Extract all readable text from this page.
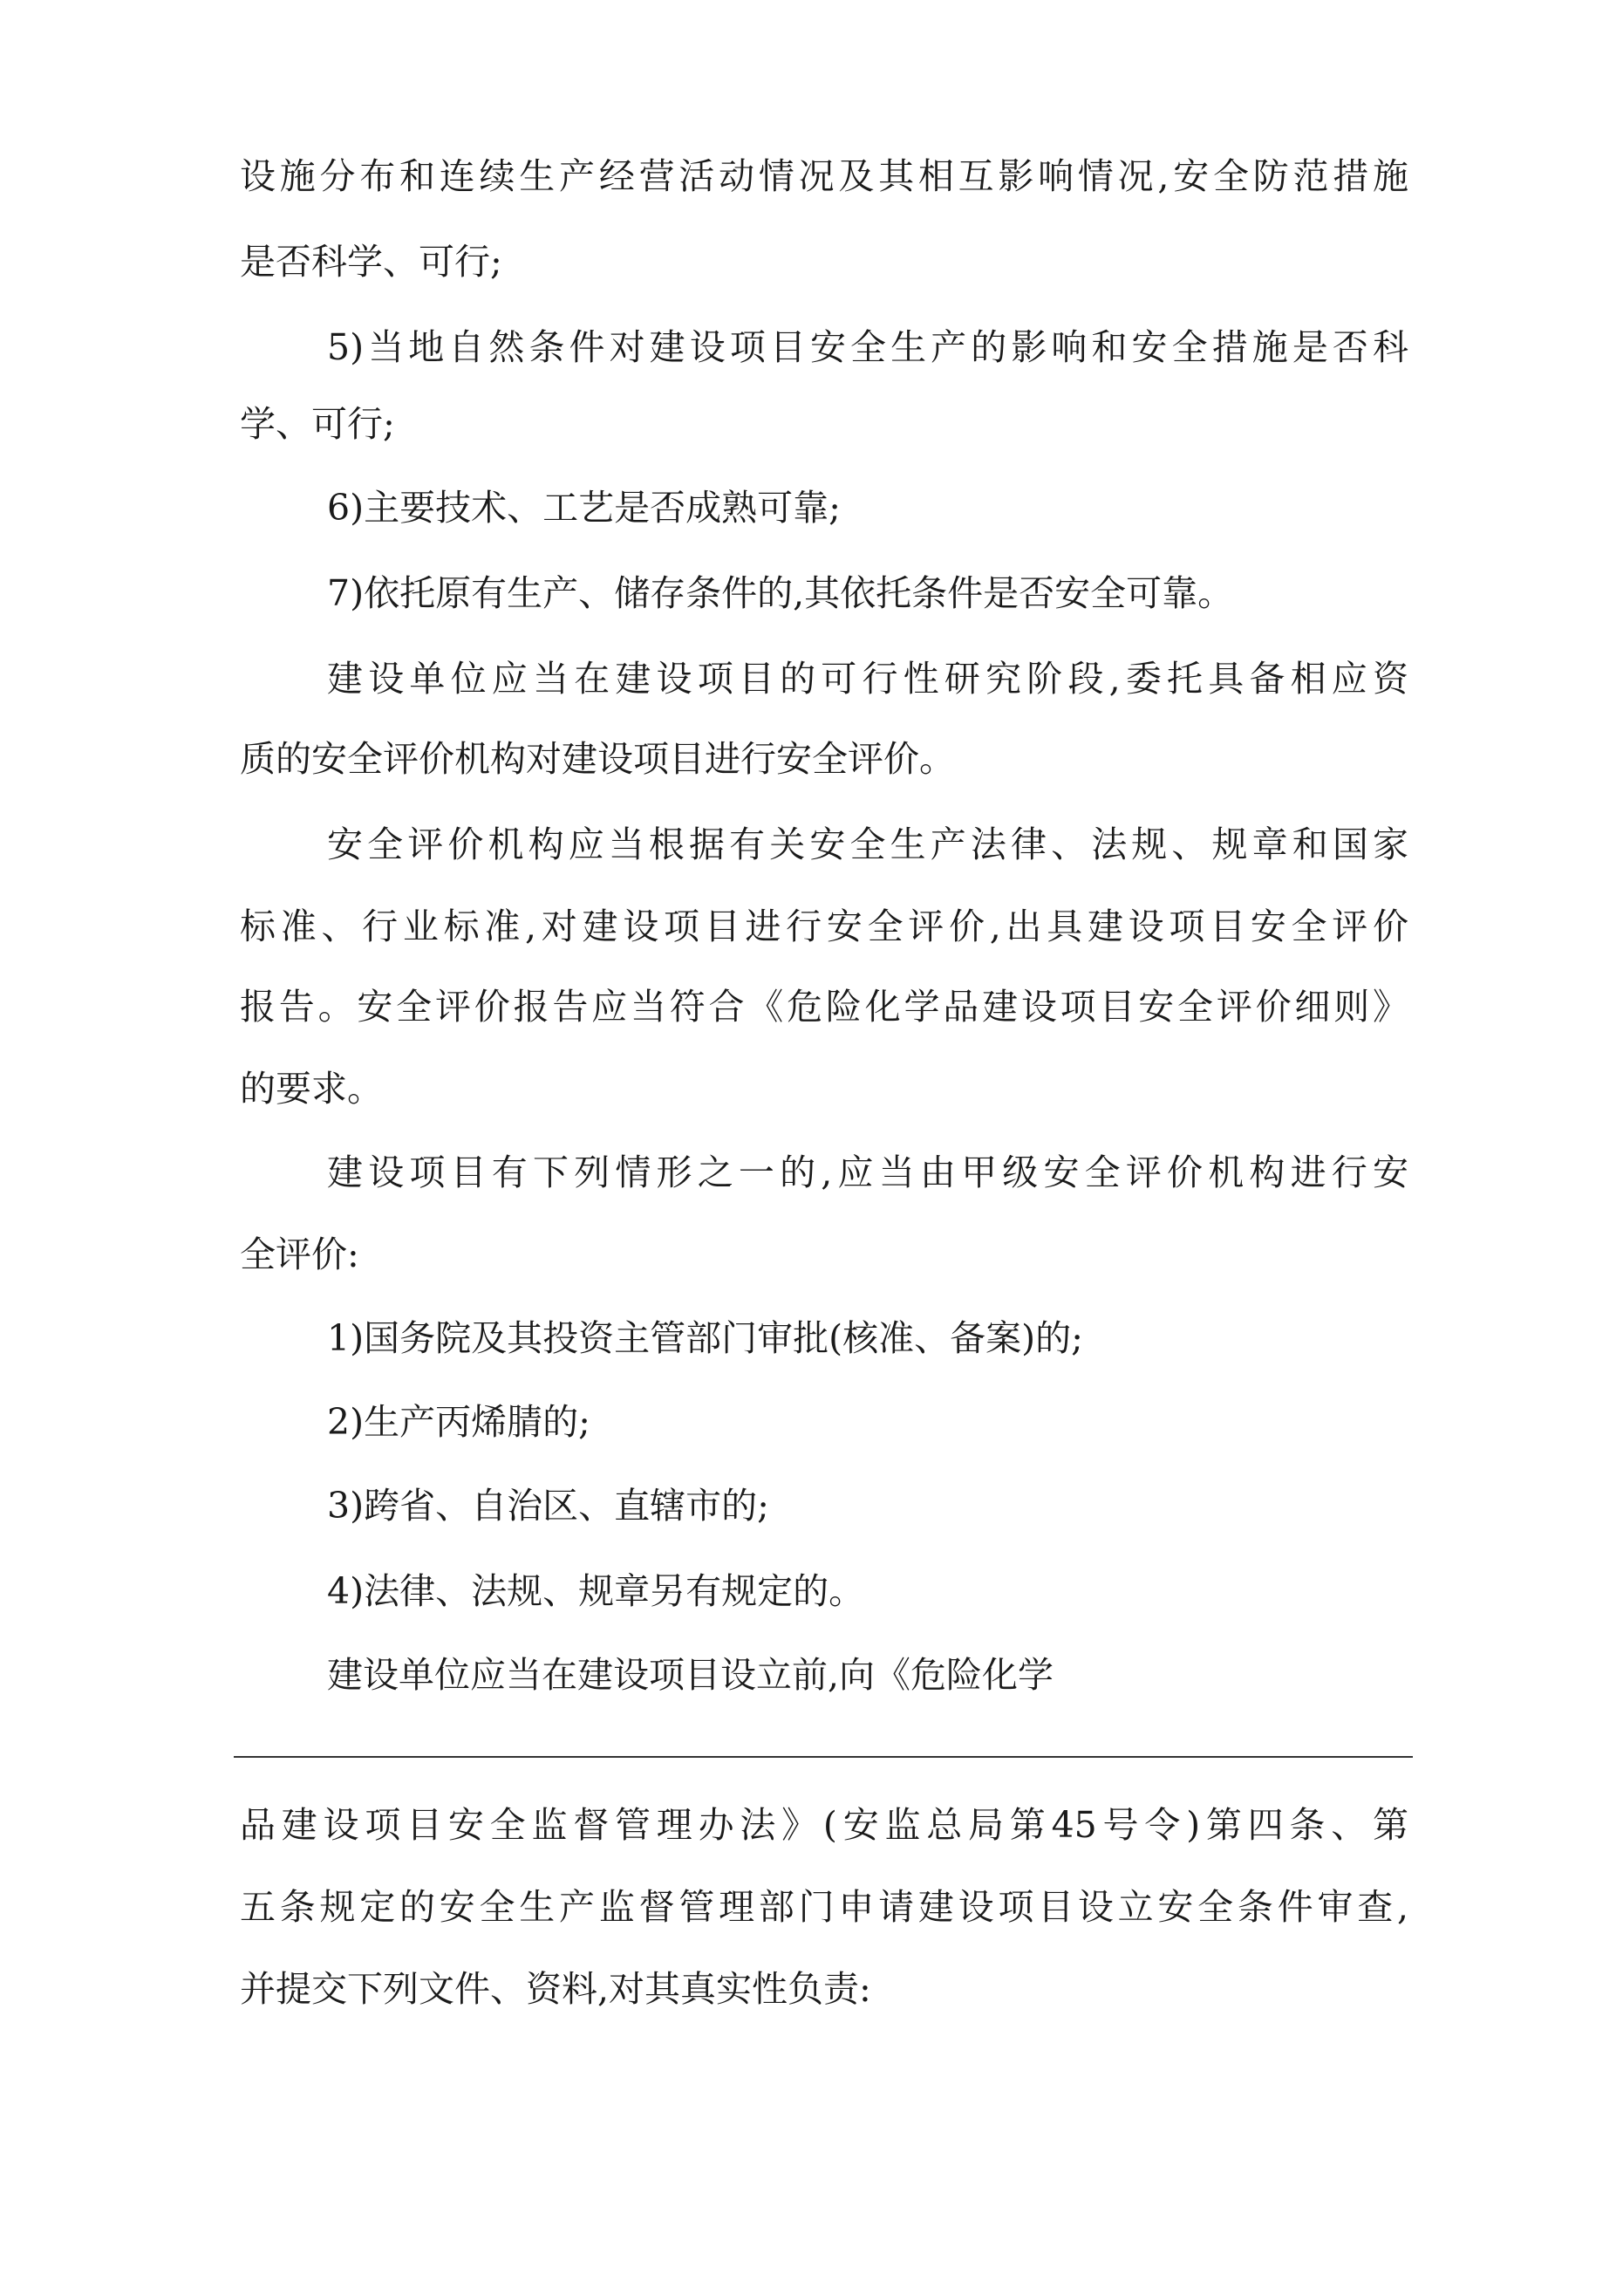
设施分布和连续生产经营活动情况及其相互影响情况,安全防范措施
是否科学、可行;
5)当地自然条件对建设项目安全生产的影响和安全措施是否科
学、可行;
6)主要技术、工艺是否成熟可靠;
7)依托原有生产、储存条件的,其依托条件是否安全可靠。
建设单位应当在建设项目的可行性研究阶段,委托具备相应资
质的安全评价机构对建设项目进行安全评价。
安全评价机构应当根据有关安全生产法律、法规、规章和国家
标准、行业标准,对建设项目进行安全评价,出具建设项目安全评价
报告。安全评价报告应当符合《危险化学品建设项目安全评价细则》
的要求。
建设项目有下列情形之一的,应当由甲级安全评价机构进行安
全评价:
1)国务院及其投资主管部门审批(核准、备案)的;
2)生产丙烯腈的;
3)跨省、自治区、直辖市的;
4)法律、法规、规章另有规定的。
建设单位应当在建设项目设立前,向《危险化学
品建设项目安全监督管理办法》(安监总局第45号令)第四条、第
五条规定的安全生产监督管理部门申请建设项目设立安全条件审查,
并提交下列文件、资料,对其真实性负责:
